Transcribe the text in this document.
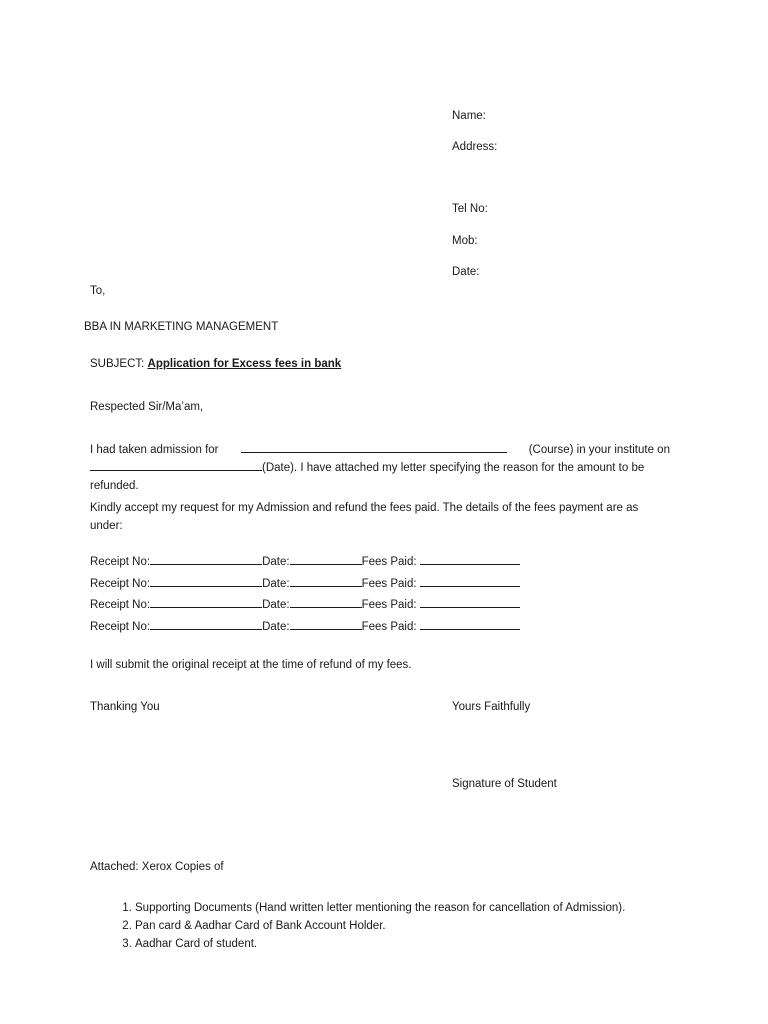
Name:
Address:
Tel No:
Mob:
Date:
To,
BBA IN MARKETING MANAGEMENT
SUBJECT: Application for Excess fees in bank
Respected Sir/Ma’am,
I had taken admission for	(Course) in your institute on
(Date). I have attached my letter specifying the reason for the amount to be
refunded.
Kindly accept my request for my Admission and refund the fees paid. The details of the fees payment are as under:
Receipt No:	Date:	Fees Paid:
Receipt No:	Date:	Fees Paid:
Receipt No:	Date:	Fees Paid:
Receipt No:	Date:	Fees Paid:
I will submit the original receipt at the time of refund of my fees.
Thanking You	Yours Faithfully
Signature of Student
Attached: Xerox Copies of
1. Supporting Documents (Hand written letter mentioning the reason for cancellation of Admission).
2. Pan card & Aadhar Card of Bank Account Holder.
3. Aadhar Card of student.
